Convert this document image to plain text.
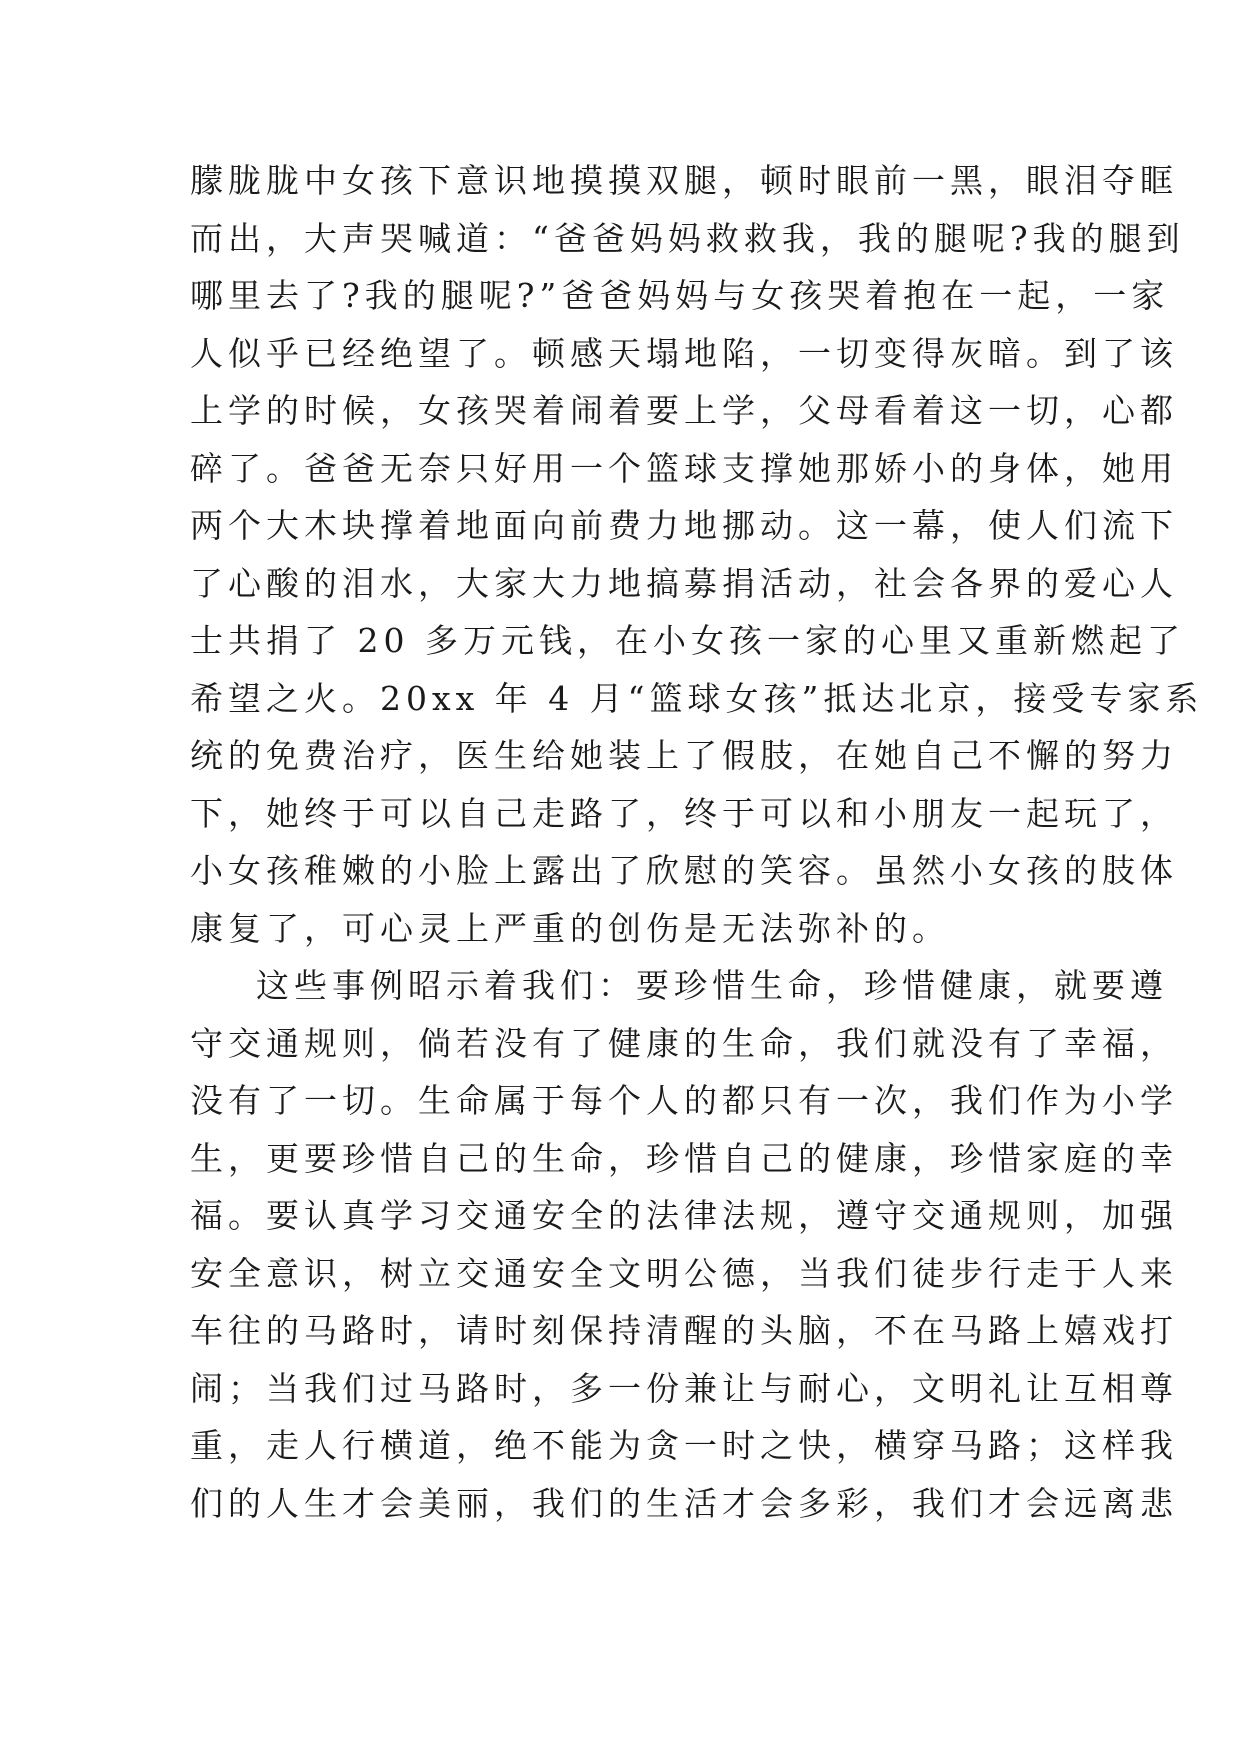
朦胧胧中女孩下意识地摸摸双腿，顿时眼前一黑，眼泪夺眶
而出，大声哭喊道：“爸爸妈妈救救我，我的腿呢?我的腿到
哪里去了?我的腿呢?”爸爸妈妈与女孩哭着抱在一起，一家
人似乎已经绝望了。顿感天塌地陷，一切变得灰暗。到了该
上学的时候，女孩哭着闹着要上学，父母看着这一切，心都
碎了。爸爸无奈只好用一个篮球支撑她那娇小的身体，她用
两个大木块撑着地面向前费力地挪动。这一幕，使人们流下
了心酸的泪水，大家大力地搞募捐活动，社会各界的爱心人
士共捐了 20 多万元钱，在小女孩一家的心里又重新燃起了
希望之火。20xx 年 4 月“篮球女孩”抵达北京，接受专家系
统的免费治疗，医生给她装上了假肢，在她自己不懈的努力
下，她终于可以自己走路了，终于可以和小朋友一起玩了，
小女孩稚嫩的小脸上露出了欣慰的笑容。虽然小女孩的肢体
康复了，可心灵上严重的创伤是无法弥补的。
这些事例昭示着我们：要珍惜生命，珍惜健康，就要遵
守交通规则，倘若没有了健康的生命，我们就没有了幸福，
没有了一切。生命属于每个人的都只有一次，我们作为小学
生，更要珍惜自己的生命，珍惜自己的健康，珍惜家庭的幸
福。要认真学习交通安全的法律法规，遵守交通规则，加强
安全意识，树立交通安全文明公德，当我们徒步行走于人来
车往的马路时，请时刻保持清醒的头脑，不在马路上嬉戏打
闹；当我们过马路时，多一份兼让与耐心，文明礼让互相尊
重，走人行横道，绝不能为贪一时之快，横穿马路；这样我
们的人生才会美丽，我们的生活才会多彩，我们才会远离悲
